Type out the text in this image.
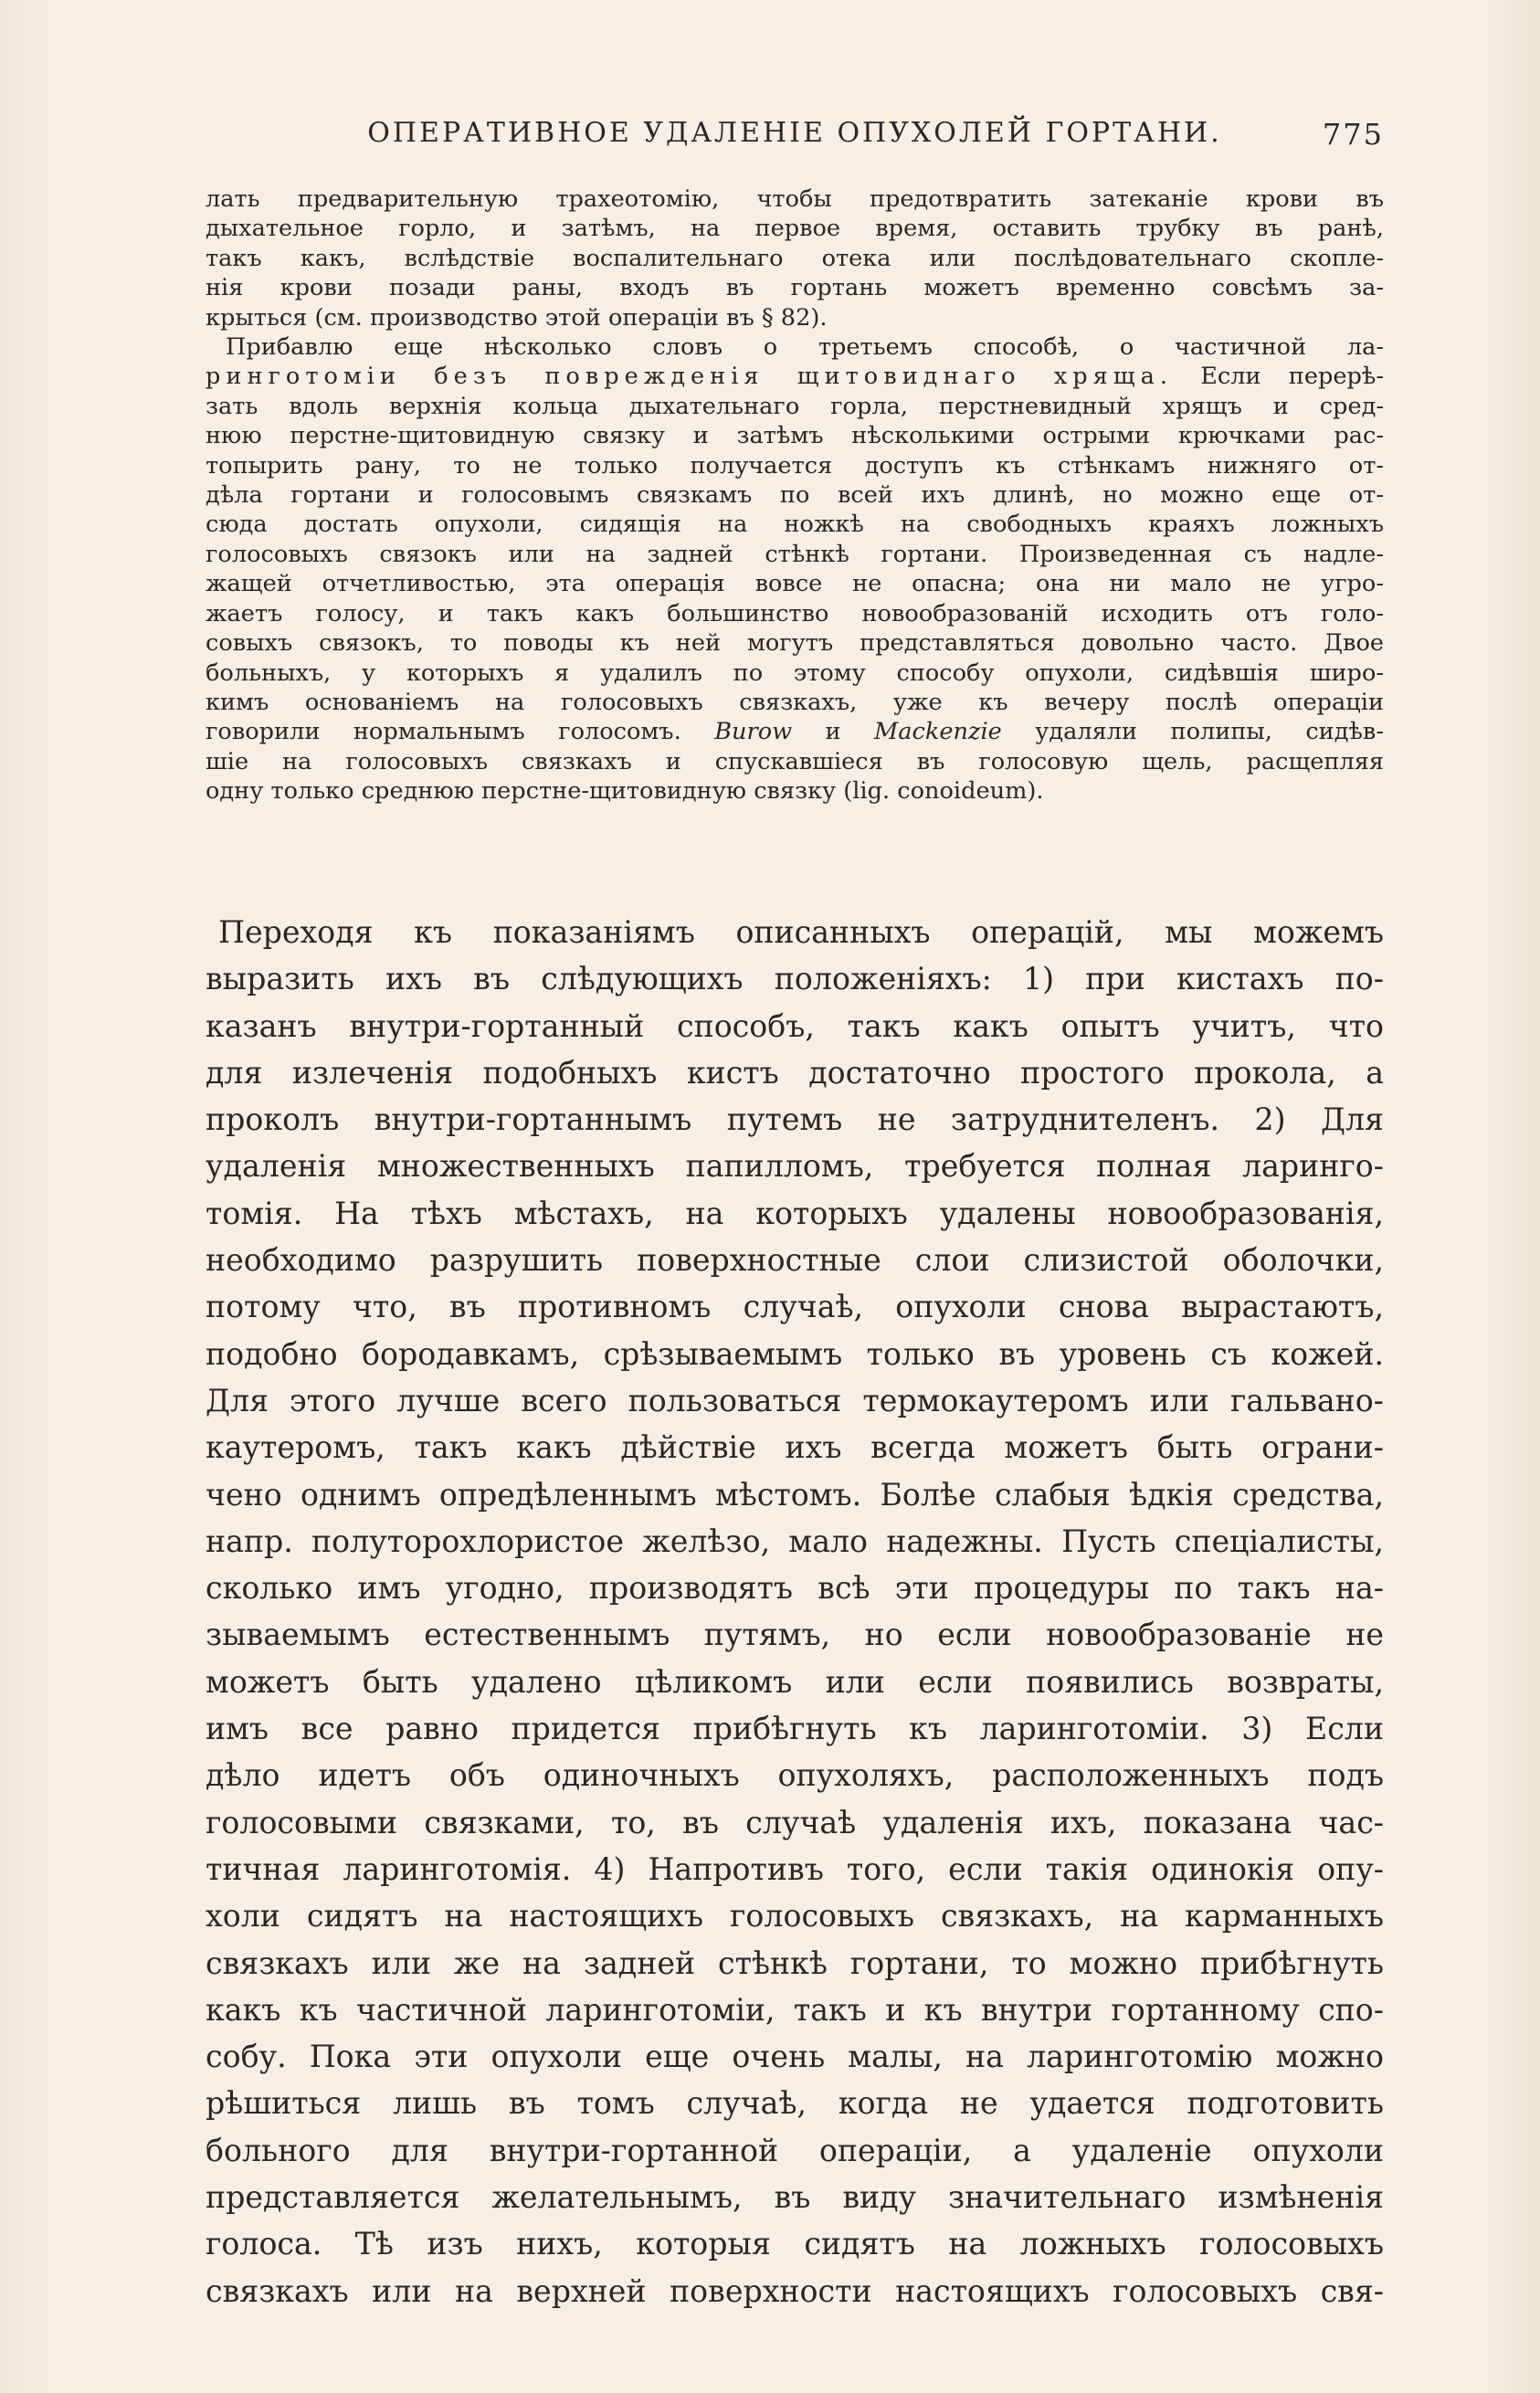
ОПЕРАТИВНОЕ УДАЛЕНІЕ ОПУХОЛЕЙ ГОРТАНИ.	775
лать предварительную трахеотомію, чтобы предотвратить затеканіе крови въ
дыхательное горло, и затѣмъ, на первое время, оставить трубку въ ранѣ,
такъ какъ, вслѣдствіе воспалительнаго отека или послѣдовательнаго скопле-
нія крови позади раны, входъ въ гортань можетъ временно совсѣмъ за-
крыться (см. производство этой операціи въ § 82).
Прибавлю еще нѣсколько словъ о третьемъ способѣ, о частичной ла-
ринготоміи безъ поврежденія щитовиднаго хряща. Если перерѣ-
зать вдоль верхнія кольца дыхательнаго горла, перстневидный хрящъ и сред-
нюю перстне-щитовидную связку и затѣмъ нѣсколькими острыми крючками рас-
топырить рану, то не только получается доступъ къ стѣнкамъ нижняго от-
дѣла гортани и голосовымъ связкамъ по всей ихъ длинѣ, но можно еще от-
сюда достать опухоли, сидящія на ножкѣ на свободныхъ краяхъ ложныхъ
голосовыхъ связокъ или на задней стѣнкѣ гортани. Произведенная съ надле-
жащей отчетливостью, эта операція вовсе не опасна; она ни мало не угро-
жаетъ голосу, и такъ какъ большинство новообразованій исходить отъ голо-
совыхъ связокъ, то поводы къ ней могутъ представляться довольно часто. Двое
больныхъ, у которыхъ я удалилъ по этому способу опухоли, сидѣвшія широ-
кимъ основаніемъ на голосовыхъ связкахъ, уже къ вечеру послѣ операціи
говорили нормальнымъ голосомъ. Burow и Mackenzie удаляли полипы, сидѣв-
шіе на голосовыхъ связкахъ и спускавшіеся въ голосовую щель, расщепляя
одну только среднюю перстне-щитовидную связку (lig. conoideum).
Переходя къ показаніямъ описанныхъ операцій, мы можемъ
выразить ихъ въ слѣдующихъ положеніяхъ: 1) при кистахъ по-
казанъ внутри-гортанный способъ, такъ какъ опытъ учитъ, что
для излеченія подобныхъ кистъ достаточно простого прокола, а
проколъ внутри-гортаннымъ путемъ не затруднителенъ. 2) Для
удаленія множественныхъ папилломъ, требуется полная ларинго-
томія. На тѣхъ мѣстахъ, на которыхъ удалены новообразованія,
необходимо разрушить поверхностные слои слизистой оболочки,
потому что, въ противномъ случаѣ, опухоли снова вырастаютъ,
подобно бородавкамъ, срѣзываемымъ только въ уровень съ кожей.
Для этого лучше всего пользоваться термокаутеромъ или гальвано-
каутеромъ, такъ какъ дѣйствіе ихъ всегда можетъ быть ограни-
чено однимъ опредѣленнымъ мѣстомъ. Болѣе слабыя ѣдкія средства,
напр. полуторохлористое желѣзо, мало надежны. Пусть спеціалисты,
сколько имъ угодно, производятъ всѣ эти процедуры по такъ на-
зываемымъ естественнымъ путямъ, но если новообразованіе не
можетъ быть удалено цѣликомъ или если появились возвраты,
имъ все равно придется прибѣгнуть къ ларинготоміи. 3) Если
дѣло идетъ объ одиночныхъ опухоляхъ, расположенныхъ подъ
голосовыми связками, то, въ случаѣ удаленія ихъ, показана час-
тичная ларинготомія. 4) Напротивъ того, если такія одинокія опу-
холи сидятъ на настоящихъ голосовыхъ связкахъ, на карманныхъ
связкахъ или же на задней стѣнкѣ гортани, то можно прибѣгнуть
какъ къ частичной ларинготоміи, такъ и къ внутри гортанному спо-
собу. Пока эти опухоли еще очень малы, на ларинготомію можно
рѣшиться лишь въ томъ случаѣ, когда не удается подготовить
больного для внутри-гортанной операціи, а удаленіе опухоли
представляется желательнымъ, въ виду значительнаго измѣненія
голоса. Тѣ изъ нихъ, которыя сидятъ на ложныхъ голосовыхъ
связкахъ или на верхней поверхности настоящихъ голосовыхъ свя-
